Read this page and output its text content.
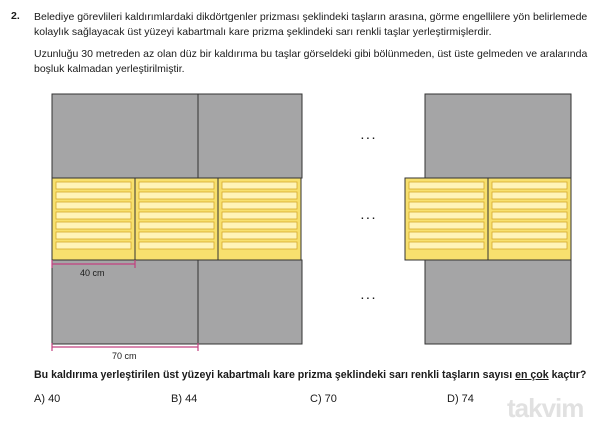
2. Belediye görevlileri kaldırımlardaki dikdörtgenler prizması şeklindeki taşların arasına, görme engellilere yön belirlemede kolaylık sağlayacak üst yüzeyi kabartmalı kare prizma şeklindeki sarı renkli taşlar yerleştirmişlerdir.

Uzunluğu 30 metreden az olan düz bir kaldırıma bu taşlar görseldeki gibi bölünmeden, üst üste gelmeden ve aralarında boşluk kalmadan yerleştirilmiştir.

40 cm
70 cm
. . .
. . .
. . .
Bu kaldırıma yerleştirilen üst yüzeyi kabartmalı kare prizma şeklindeki sarı renkli taşların sayısı en çok kaçtır?
A) 40	B) 44	C) 70	D) 74 takvim
